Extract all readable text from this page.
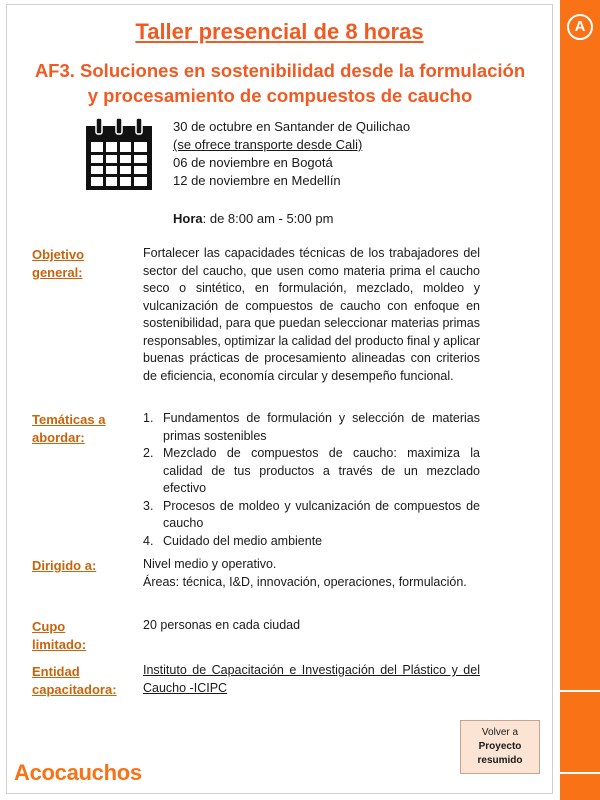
A
Taller presencial de 8 horas
AF3. Soluciones en sostenibilidad desde la formulación
y procesamiento de compuestos de caucho
30 de octubre en Santander de Quilichao
(se ofrece transporte desde Cali)
06 de noviembre en Bogotá
12 de noviembre en Medellín
Hora: de 8:00 am - 5:00 pm
Objetivo
general:
Fortalecer las capacidades técnicas de los trabajadores del sector del caucho, que usen como materia prima el caucho seco o sintético, en formulación, mezclado, moldeo y vulcanización de compuestos de caucho con enfoque en sostenibilidad, para que puedan seleccionar materias primas responsables, optimizar la calidad del producto final y aplicar buenas prácticas de procesamiento alineadas con criterios de eficiencia, economía circular y desempeño funcional.
Temáticas a
abordar:
1. Fundamentos de formulación y selección de materias primas sostenibles
2. Mezclado de compuestos de caucho: maximiza la calidad de tus productos a través de un mezclado efectivo
3. Procesos de moldeo y vulcanización de compuestos de caucho
4. Cuidado del medio ambiente
Dirigido a:	Nivel medio y operativo.
Áreas: técnica, I&D, innovación, operaciones, formulación.
Cupo
limitado:
20 personas en cada ciudad
Entidad
capacitadora:
Instituto de Capacitación e Investigación del Plástico y del Caucho -ICIPC
Volver a
Proyecto
resumido
Acocauchos
